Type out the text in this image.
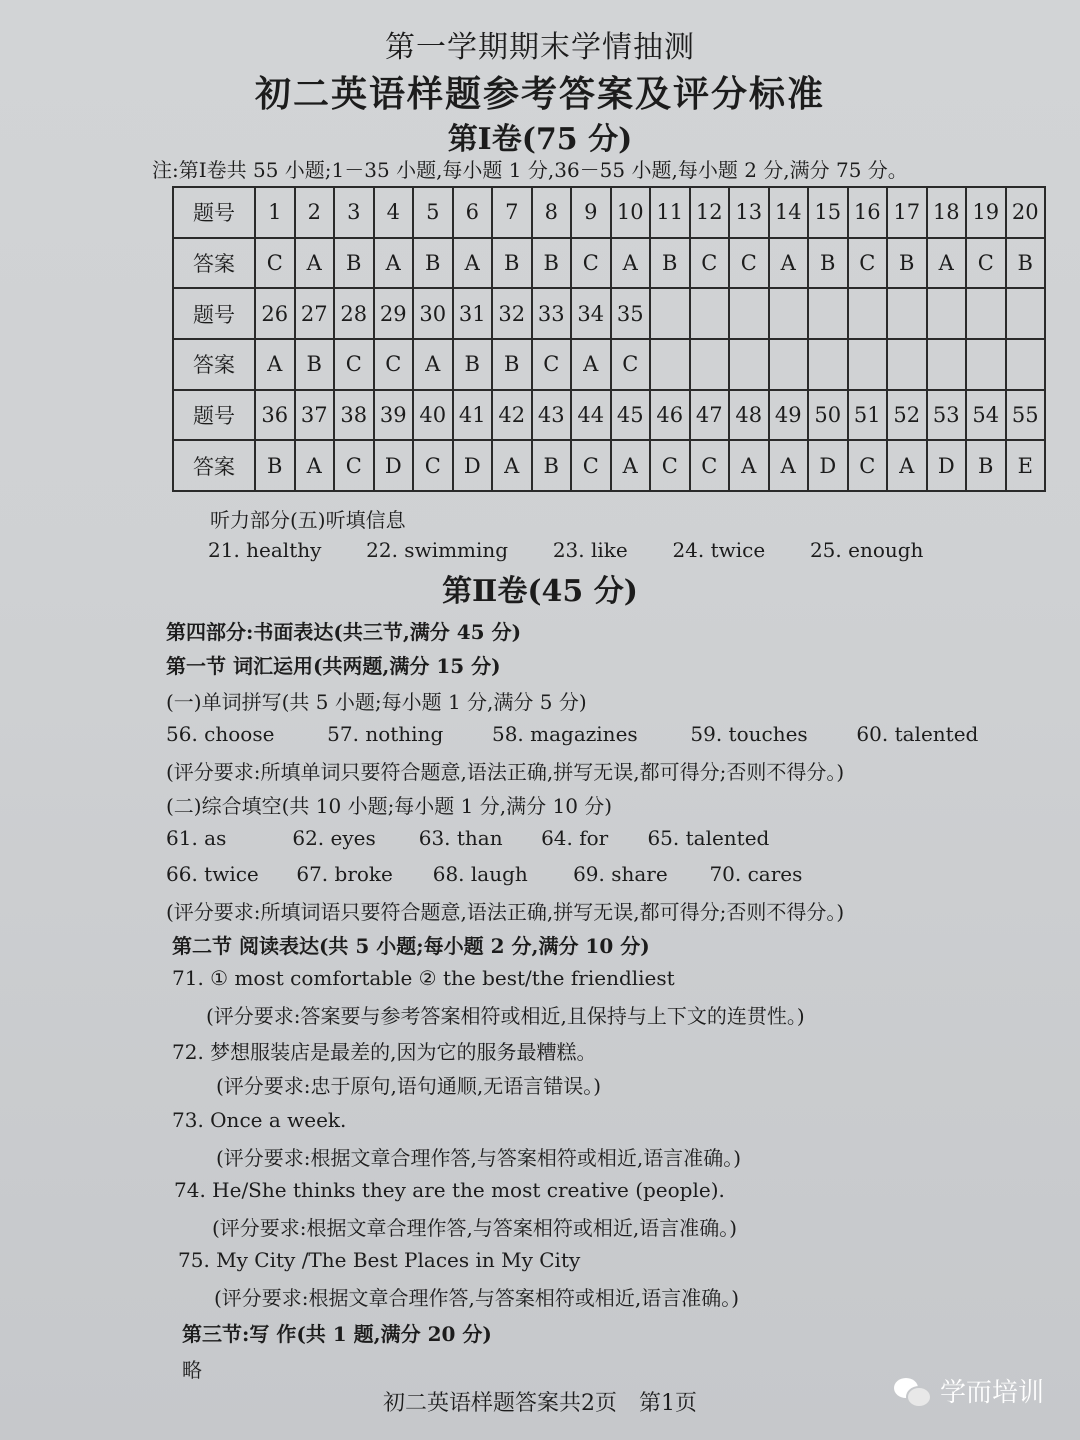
第一学期期末学情抽测
初二英语样题参考答案及评分标准
第Ⅰ卷(75 分)
注:第Ⅰ卷共 55 小题;1－35 小题,每小题 1 分,36－55 小题,每小题 2 分,满分 75 分。
题号	1	2	3	4	5	6	7	8	9	10	11	12	13	14	15	16	17	18	19	20
答案	C	A	B	A	B	A	B	B	C	A	B	C	C	A	B	C	B	A	C	B
题号	26	27	28	29	30	31	32	33	34	35										
答案	A	B	C	C	A	B	B	C	A	C										
题号	36	37	38	39	40	41	42	43	44	45	46	47	48	49	50	51	52	53	54	55
答案	B	A	C	D	C	D	A	B	C	A	C	C	A	A	D	C	A	D	B	E
听力部分(五)听填信息
21. healthy 22. swimming 23. like 24. twice 25. enough
第Ⅱ卷(45 分)
第四部分:书面表达(共三节,满分 45 分)
第一节 词汇运用(共两题,满分 15 分)
(一)单词拼写(共 5 小题;每小题 1 分,满分 5 分)
56. choose	57. nothing 58. magazines	59. touches 60. talented
(评分要求:所填单词只要符合题意,语法正确,拼写无误,都可得分;否则不得分。)
(二)综合填空(共 10 小题;每小题 1 分,满分 10 分)
61. as	62. eyes 63. than 64. for 65. talented
66. twice 67. broke 68. laugh 69. share 70. cares
(评分要求:所填词语只要符合题意,语法正确,拼写无误,都可得分;否则不得分。)
第二节 阅读表达(共 5 小题;每小题 2 分,满分 10 分)
71. ① most comfortable ② the best/the friendliest
(评分要求:答案要与参考答案相符或相近,且保持与上下文的连贯性。)
72. 梦想服装店是最差的,因为它的服务最糟糕。
(评分要求:忠于原句,语句通顺,无语言错误。)
73. Once a week.
(评分要求:根据文章合理作答,与答案相符或相近,语言准确。)
74. He/She thinks they are the most creative (people).
(评分要求:根据文章合理作答,与答案相符或相近,语言准确。)
75. My City /The Best Places in My City
(评分要求:根据文章合理作答,与答案相符或相近,语言准确。)
第三节:写 作(共 1 题,满分 20 分)
略
初二英语样题答案共2页　第1页	学而培训
